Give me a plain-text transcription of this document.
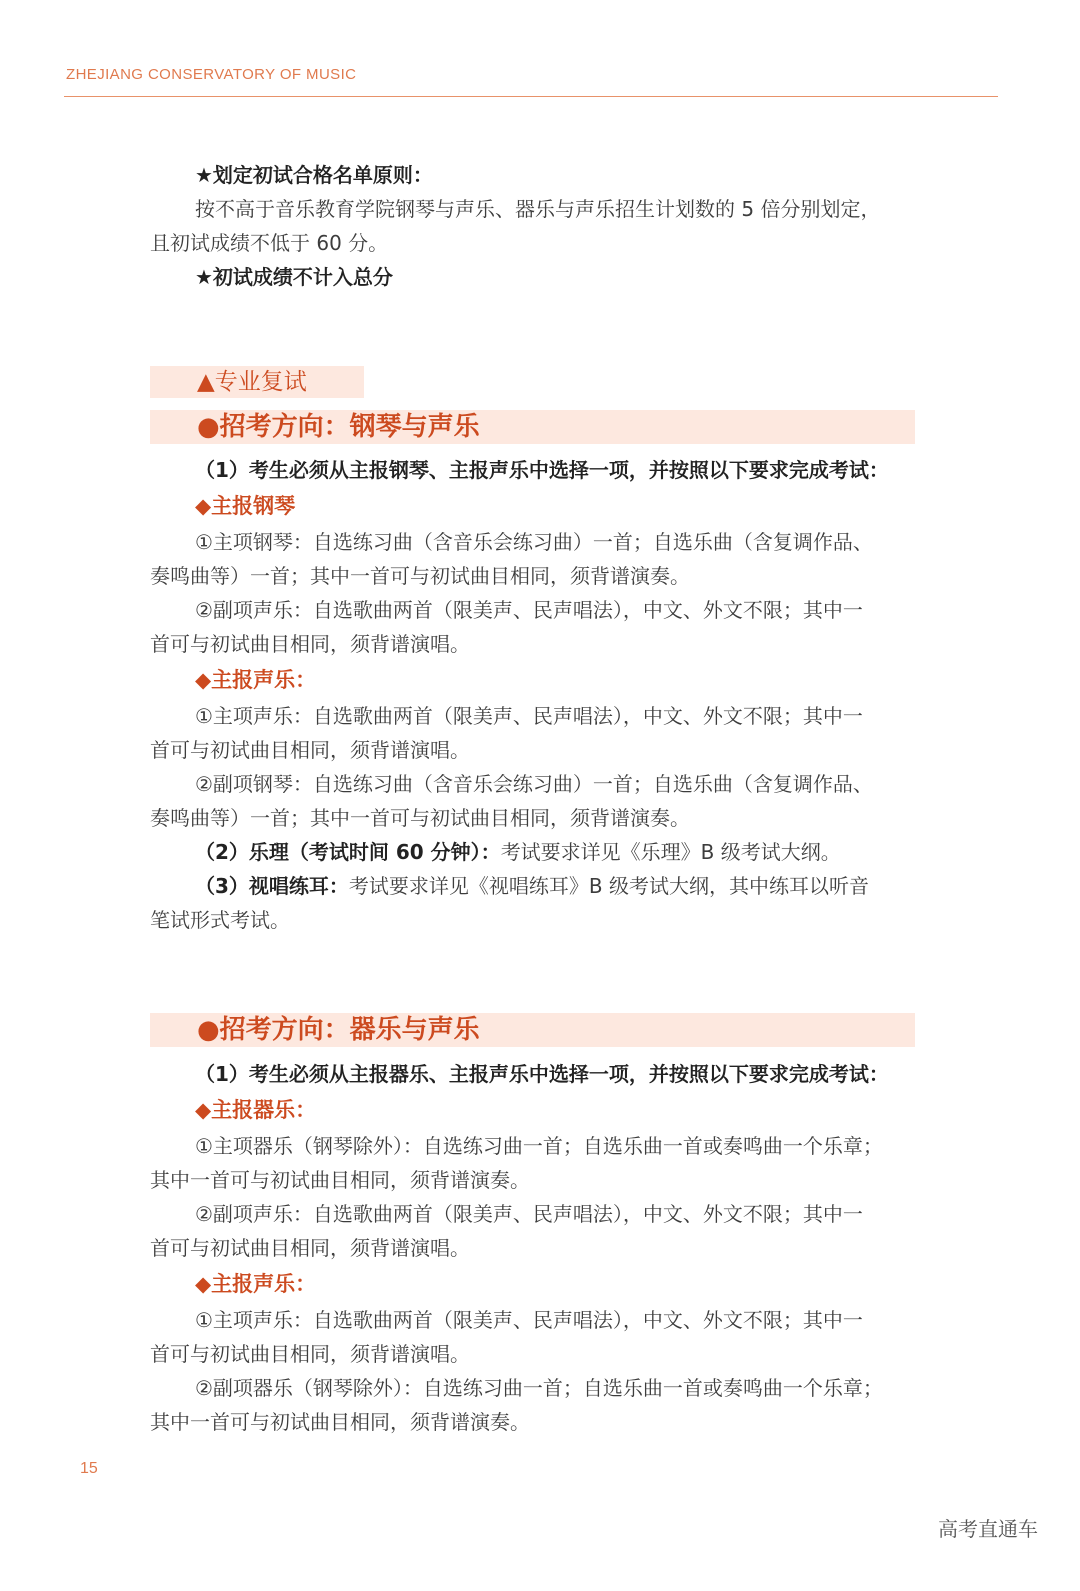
ZHEJIANG CONSERVATORY OF MUSIC

★划定初试合格名单原则：

按不高于音乐教育学院钢琴与声乐、器乐与声乐招生计划数的 5 倍分别划定，

且初试成绩不低于 60 分。

★初试成绩不计入总分

▲专业复试
●招考方向：钢琴与声乐

（1）考生必须从主报钢琴、主报声乐中选择一项，并按照以下要求完成考试：

◆主报钢琴

①主项钢琴：自选练习曲（含音乐会练习曲）一首；自选乐曲（含复调作品、

奏鸣曲等）一首；其中一首可与初试曲目相同，须背谱演奏。

②副项声乐：自选歌曲两首（限美声、民声唱法），中文、外文不限；其中一

首可与初试曲目相同，须背谱演唱。

◆主报声乐：

①主项声乐：自选歌曲两首（限美声、民声唱法），中文、外文不限；其中一

首可与初试曲目相同，须背谱演唱。

②副项钢琴：自选练习曲（含音乐会练习曲）一首；自选乐曲（含复调作品、

奏鸣曲等）一首；其中一首可与初试曲目相同，须背谱演奏。

（2）乐理（考试时间 60 分钟）：考试要求详见《乐理》B 级考试大纲。

（3）视唱练耳：考试要求详见《视唱练耳》B 级考试大纲，其中练耳以听音

笔试形式考试。

●招考方向：器乐与声乐

（1）考生必须从主报器乐、主报声乐中选择一项，并按照以下要求完成考试：

◆主报器乐：

①主项器乐（钢琴除外）：自选练习曲一首；自选乐曲一首或奏鸣曲一个乐章；

其中一首可与初试曲目相同，须背谱演奏。

②副项声乐：自选歌曲两首（限美声、民声唱法），中文、外文不限；其中一

首可与初试曲目相同，须背谱演唱。

◆主报声乐：

①主项声乐：自选歌曲两首（限美声、民声唱法），中文、外文不限；其中一

首可与初试曲目相同，须背谱演唱。

②副项器乐（钢琴除外）：自选练习曲一首；自选乐曲一首或奏鸣曲一个乐章；

其中一首可与初试曲目相同，须背谱演奏。

15
高考直通车
